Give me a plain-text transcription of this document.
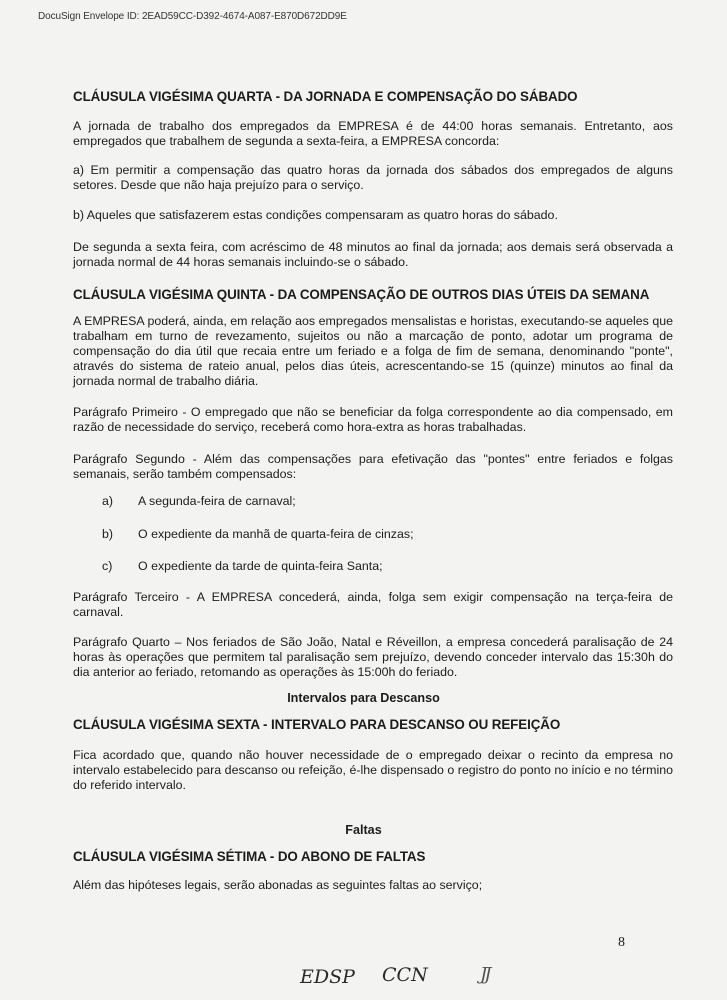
DocuSign Envelope ID: 2EAD59CC-D392-4674-A087-E870D672DD9E
CLÁUSULA VIGÉSIMA QUARTA - DA JORNADA E COMPENSAÇÃO DO SÁBADO
A jornada de trabalho dos empregados da EMPRESA é de 44:00 horas semanais. Entretanto, aos empregados que trabalhem de segunda a sexta-feira, a EMPRESA concorda:
a) Em permitir a compensação das quatro horas da jornada dos sábados dos empregados de alguns setores. Desde que não haja prejuízo para o serviço.
b) Aqueles que satisfazerem estas condições compensaram as quatro horas do sábado.
De segunda a sexta feira, com acréscimo de 48 minutos ao final da jornada; aos demais será observada a jornada normal de 44 horas semanais incluindo-se o sábado.
CLÁUSULA VIGÉSIMA QUINTA - DA COMPENSAÇÃO DE OUTROS DIAS ÚTEIS DA SEMANA
A EMPRESA poderá, ainda, em relação aos empregados mensalistas e horistas, executando-se aqueles que trabalham em turno de revezamento, sujeitos ou não a marcação de ponto, adotar um programa de compensação do dia útil que recaia entre um feriado e a folga de fim de semana, denominando "ponte", através do sistema de rateio anual, pelos dias úteis, acrescentando-se 15 (quinze) minutos ao final da jornada normal de trabalho diária.
Parágrafo Primeiro - O empregado que não se beneficiar da folga correspondente ao dia compensado, em razão de necessidade do serviço, receberá como hora-extra as horas trabalhadas.
Parágrafo Segundo - Além das compensações para efetivação das "pontes" entre feriados e folgas semanais, serão também compensados:
a) A segunda-feira de carnaval;
b) O expediente da manhã de quarta-feira de cinzas;
c) O expediente da tarde de quinta-feira Santa;
Parágrafo Terceiro - A EMPRESA concederá, ainda, folga sem exigir compensação na terça-feira de carnaval.
Parágrafo Quarto – Nos feriados de São João, Natal e Réveillon, a empresa concederá paralisação de 24 horas às operações que permitem tal paralisação sem prejuízo, devendo conceder intervalo das 15:30h do dia anterior ao feriado, retomando as operações às 15:00h do feriado.
Intervalos para Descanso
CLÁUSULA VIGÉSIMA SEXTA - INTERVALO PARA DESCANSO OU REFEIÇÃO
Fica acordado que, quando não houver necessidade de o empregado deixar o recinto da empresa no intervalo estabelecido para descanso ou refeição, é-lhe dispensado o registro do ponto no início e no término do referido intervalo.
Faltas
CLÁUSULA VIGÉSIMA SÉTIMA - DO ABONO DE FALTAS
Além das hipóteses legais, serão abonadas as seguintes faltas ao serviço;
8
EDSP CCN	JJ
